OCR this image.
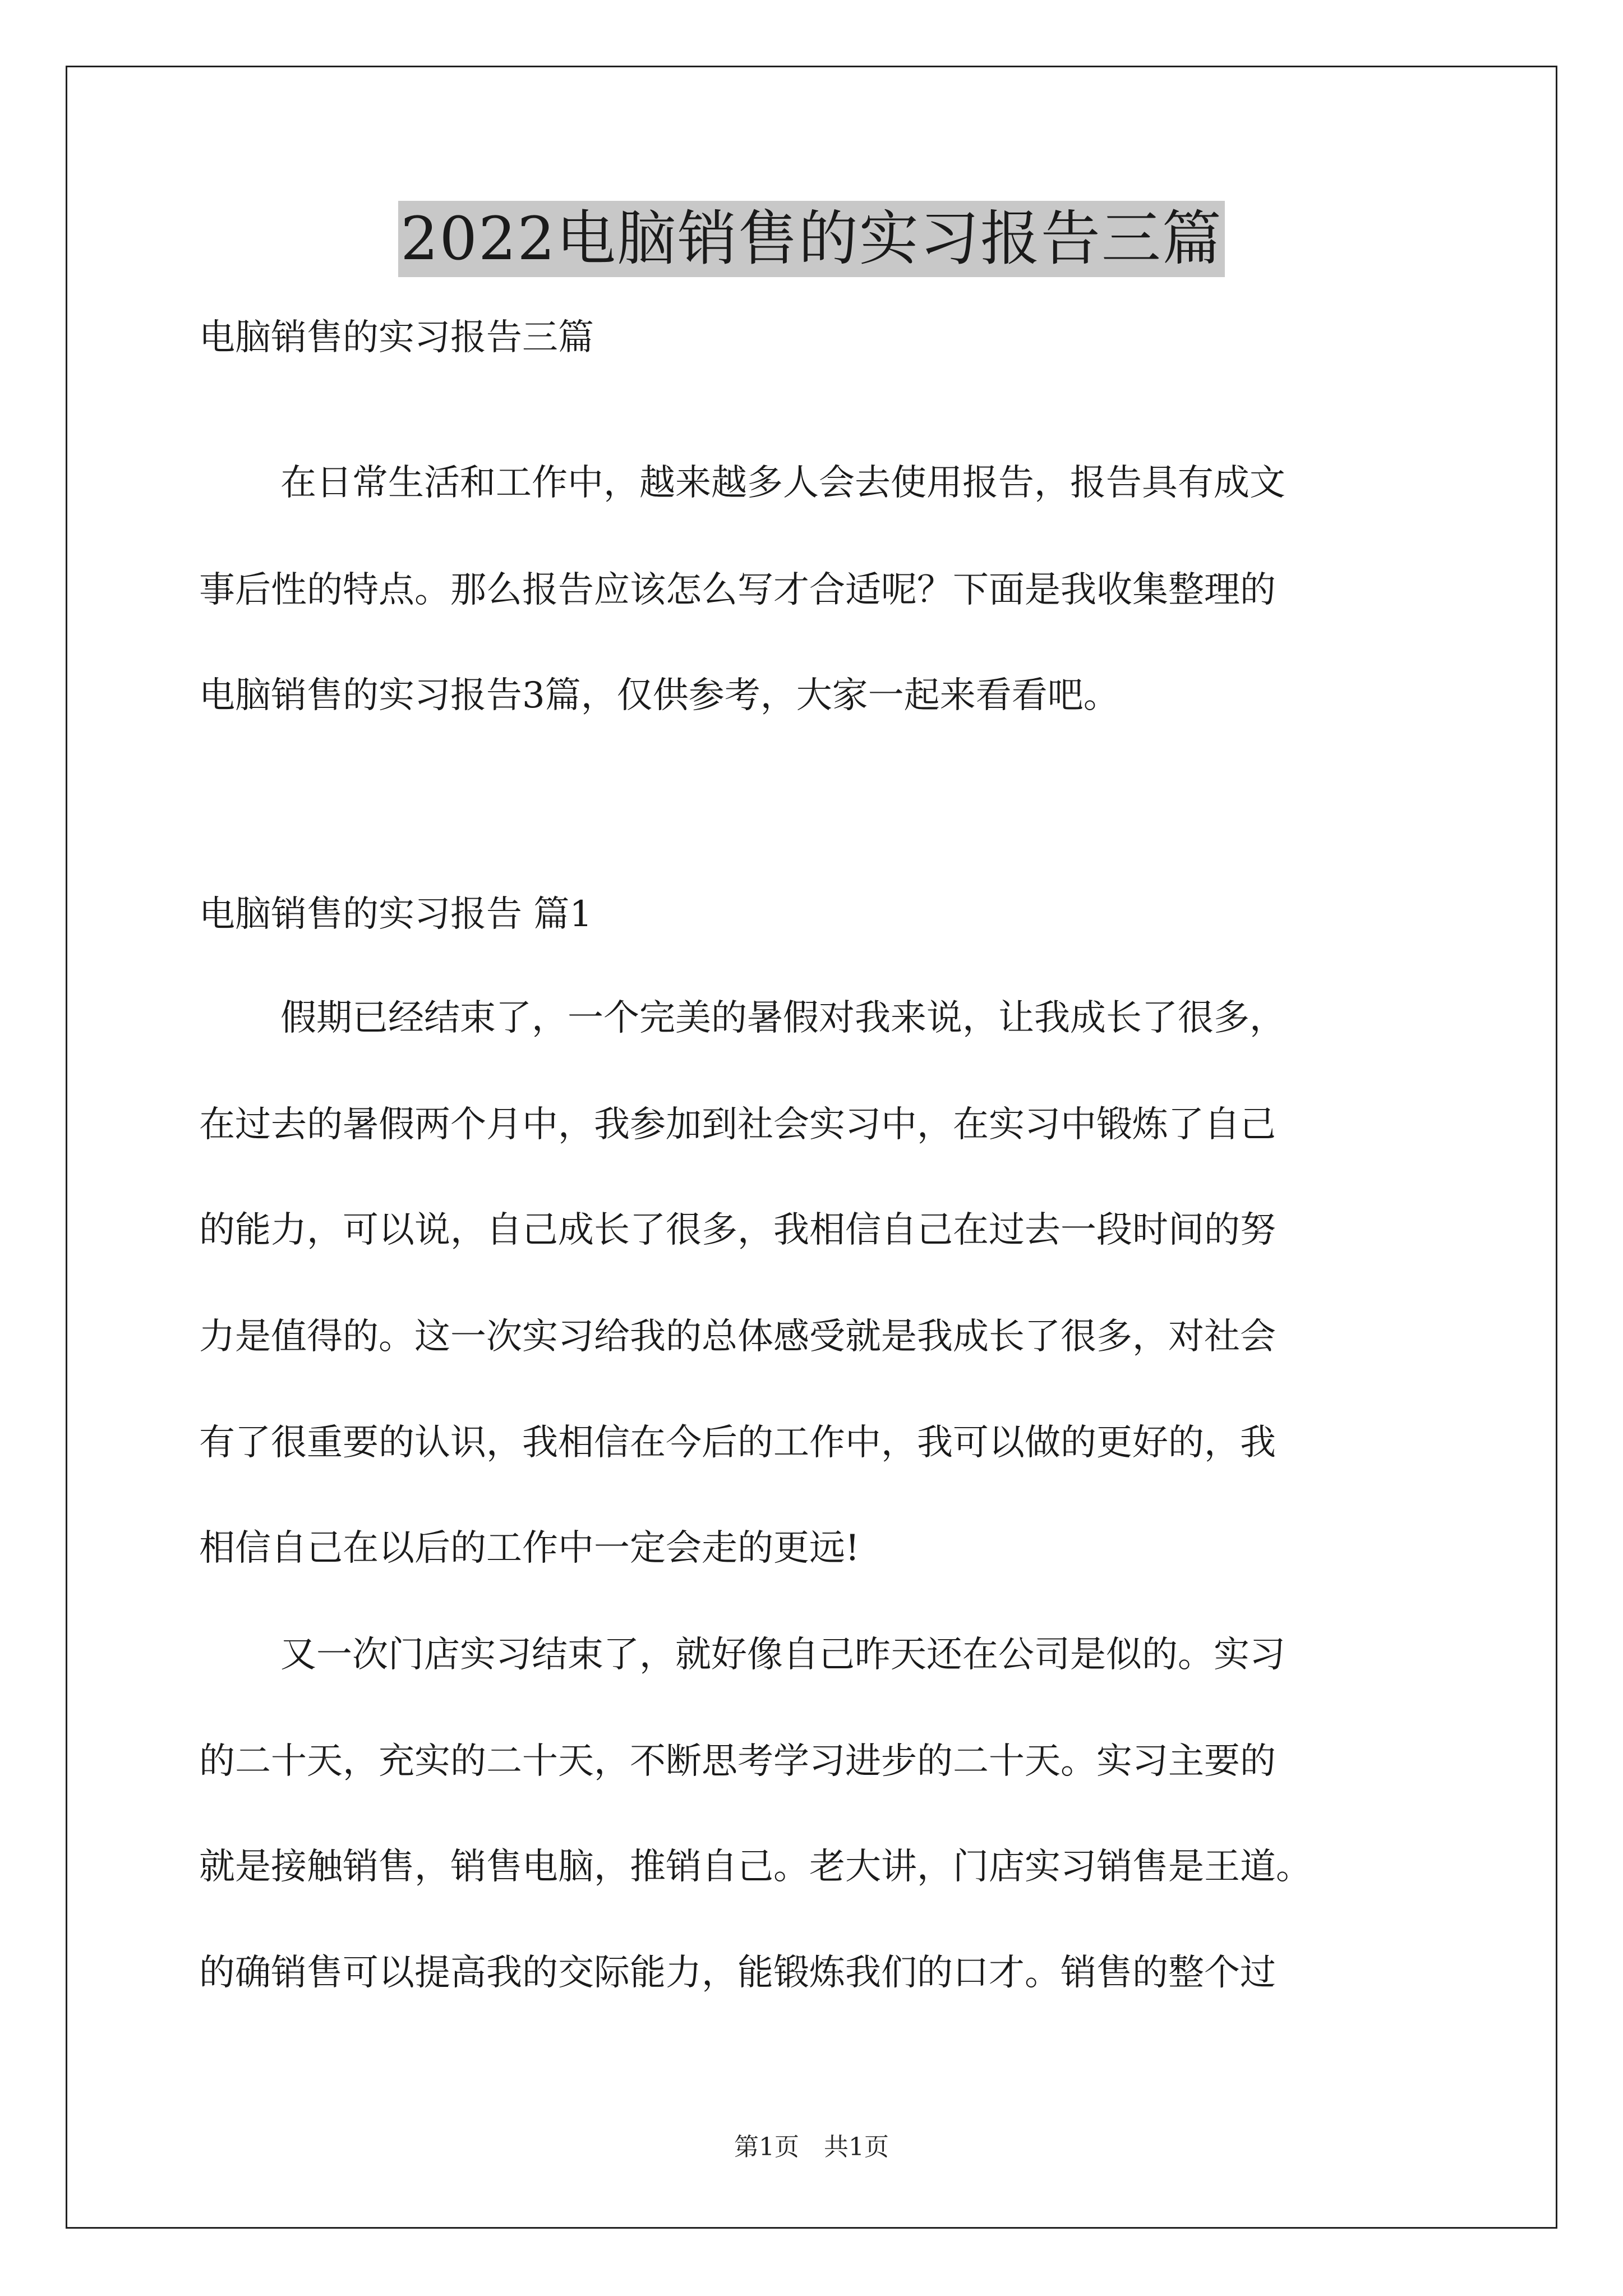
2022电脑销售的实习报告三篇
电脑销售的实习报告三篇
在日常生活和工作中，越来越多人会去使用报告，报告具有成文
事后性的特点。那么报告应该怎么写才合适呢？下面是我收集整理的
电脑销售的实习报告3篇，仅供参考，大家一起来看看吧。
电脑销售的实习报告 篇1
假期已经结束了，一个完美的暑假对我来说，让我成长了很多，
在过去的暑假两个月中，我参加到社会实习中，在实习中锻炼了自己
的能力，可以说，自己成长了很多，我相信自己在过去一段时间的努
力是值得的。这一次实习给我的总体感受就是我成长了很多，对社会
有了很重要的认识，我相信在今后的工作中，我可以做的更好的，我
相信自己在以后的工作中一定会走的更远!
又一次门店实习结束了，就好像自己昨天还在公司是似的。实习
的二十天，充实的二十天，不断思考学习进步的二十天。实习主要的
就是接触销售，销售电脑，推销自己。老大讲，门店实习销售是王道。
的确销售可以提高我的交际能力，能锻炼我们的口才。销售的整个过
第1页　共1页
